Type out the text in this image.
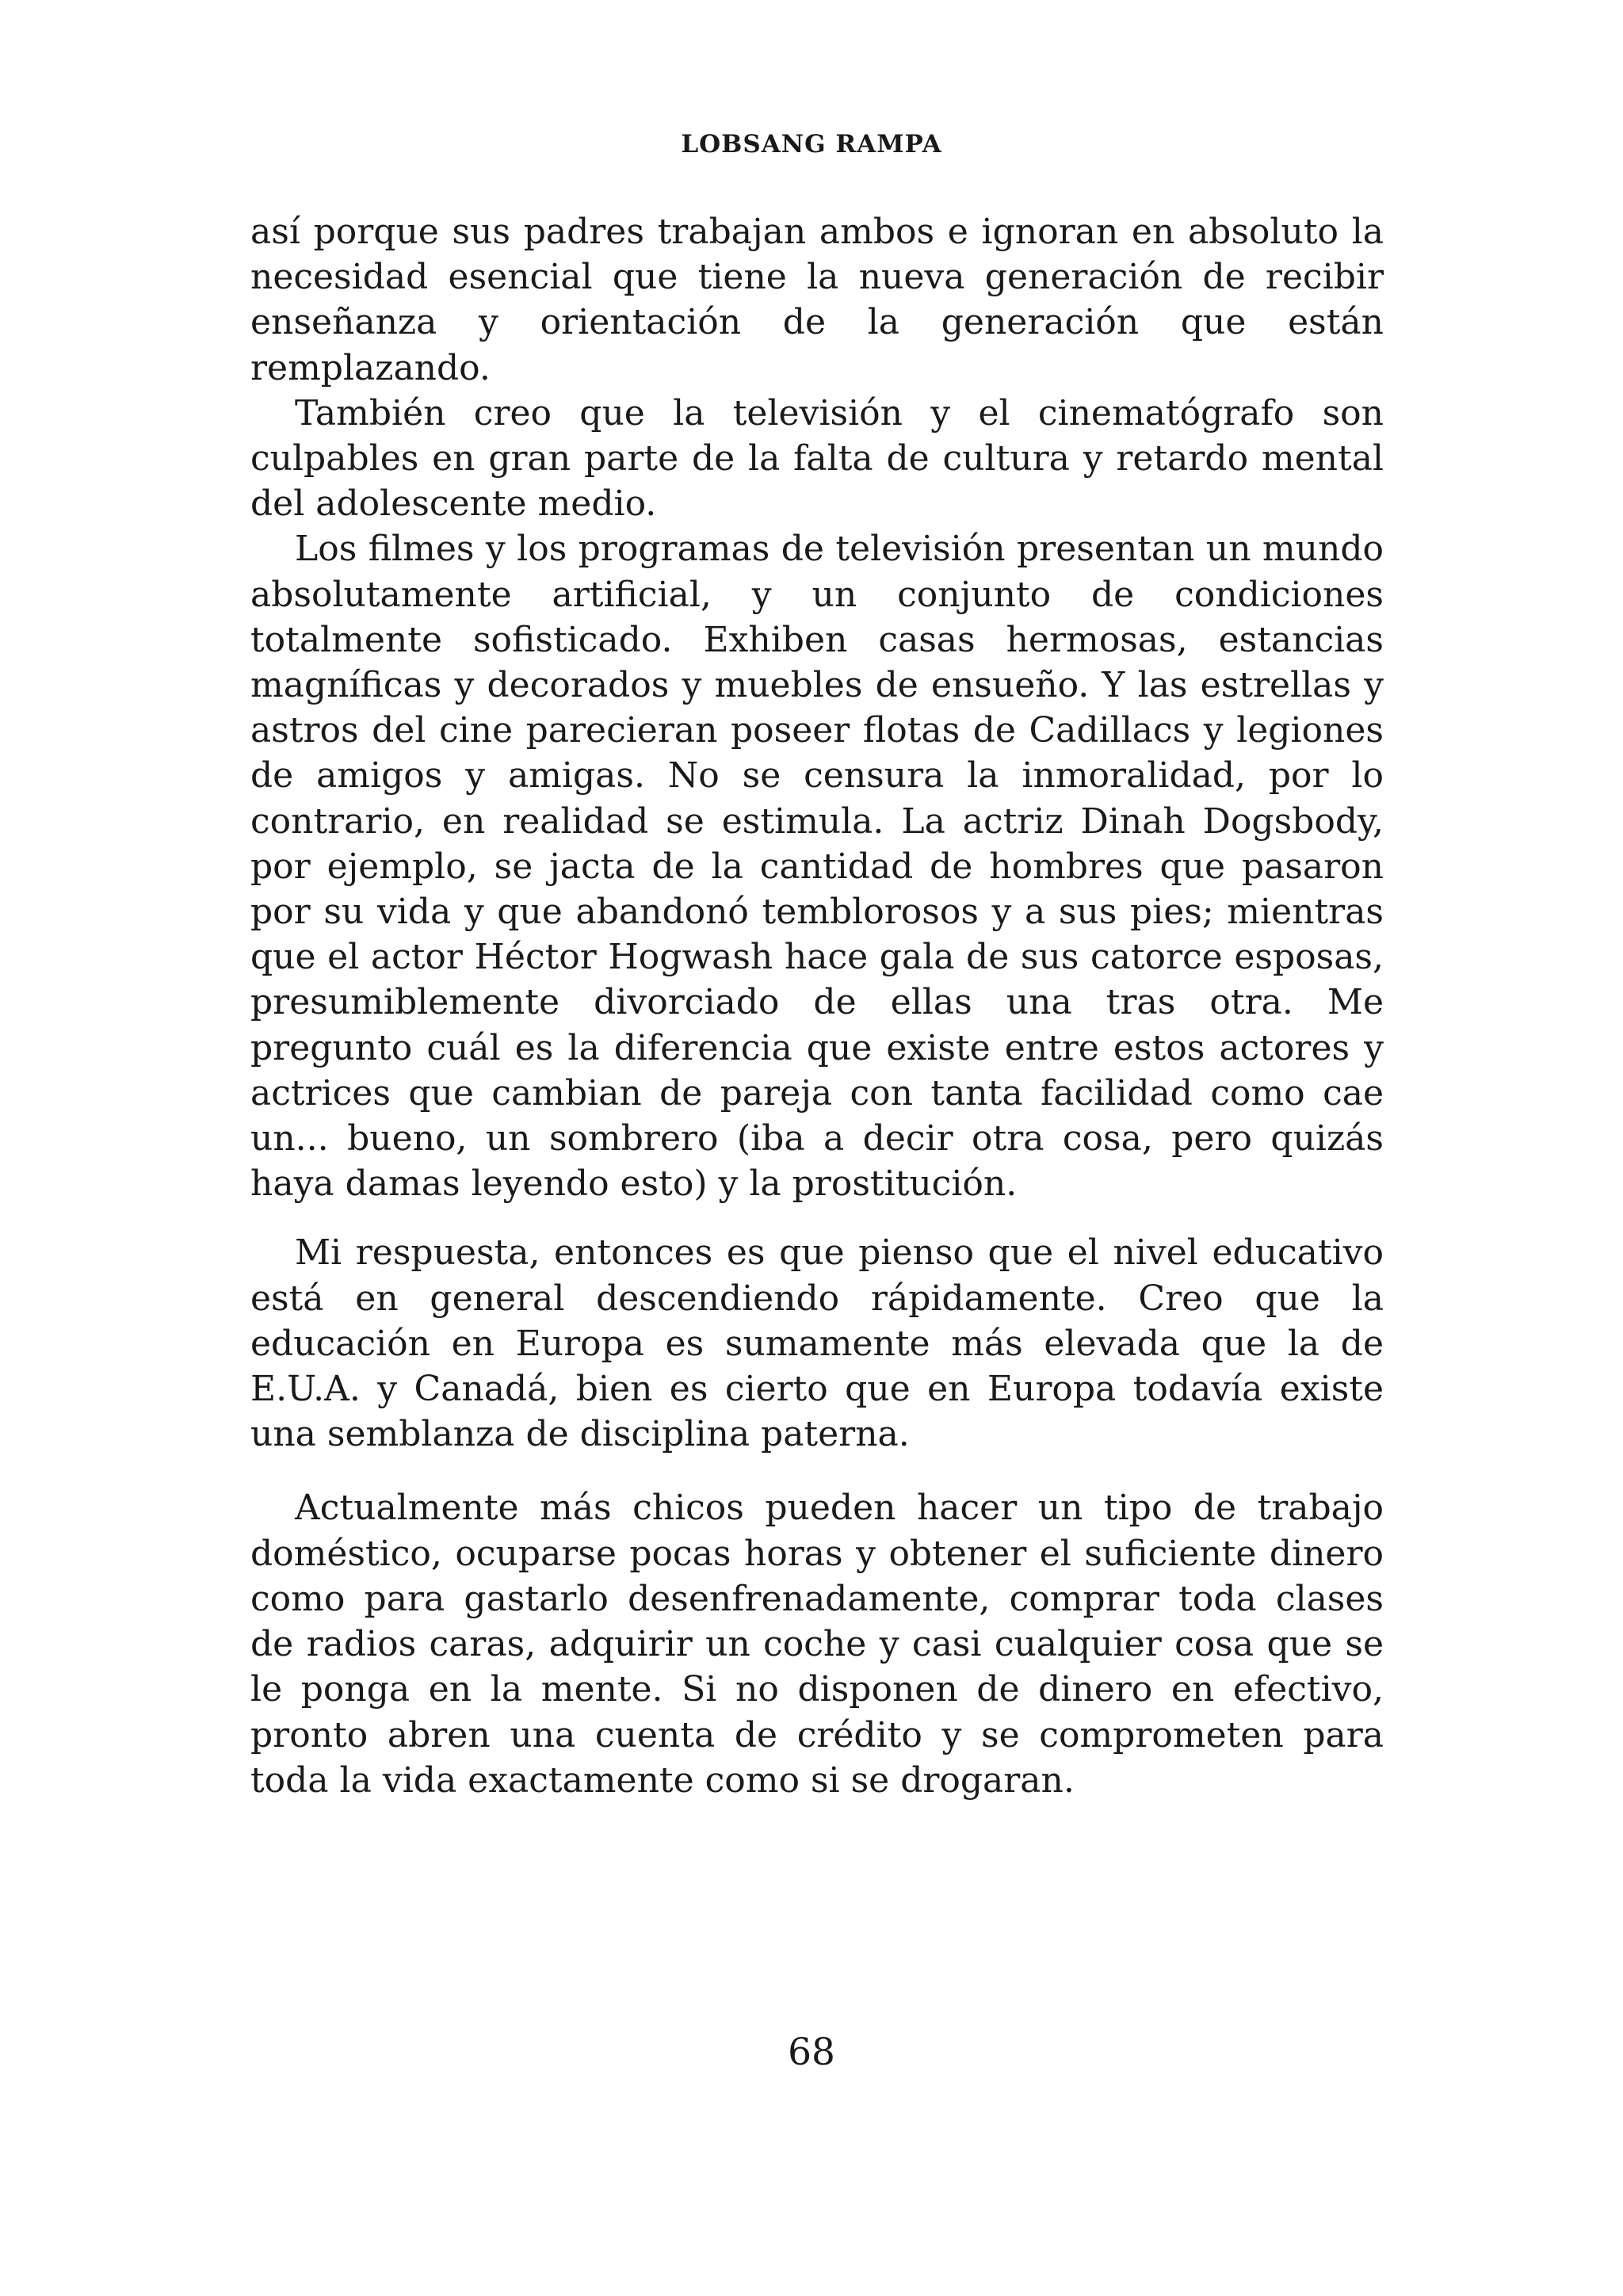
LOBSANG RAMPA

así porque sus padres trabajan ambos e ignoran en absoluto la necesidad esencial que tiene la nueva generación de recibir enseñanza y orientación de la generación que están remplazando.

También creo que la televisión y el cinematógrafo son culpables en gran parte de la falta de cultura y retardo mental del adolescente medio.

Los filmes y los programas de televisión presentan un mundo absolutamente artificial, y un conjunto de condiciones totalmente sofisticado. Exhiben casas hermosas, estancias magníficas y decorados y muebles de ensueño. Y las estrellas y astros del cine parecieran poseer flotas de Cadillacs y legiones de amigos y amigas. No se censura la inmoralidad, por lo contrario, en realidad se estimula. La actriz Dinah Dogsbody, por ejemplo, se jacta de la cantidad de hombres que pasaron por su vida y que abandonó temblorosos y a sus pies; mientras que el actor Héctor Hogwash hace gala de sus catorce esposas, presumiblemente divorciado de ellas una tras otra. Me pregunto cuál es la diferencia que existe entre estos actores y actrices que cambian de pareja con tanta facilidad como cae un... bueno, un sombrero (iba a decir otra cosa, pero quizás haya damas leyendo esto) y la prostitución.

Mi respuesta, entonces es que pienso que el nivel educativo está en general descendiendo rápidamente. Creo que la educación en Europa es sumamente más elevada que la de E.U.A. y Canadá, bien es cierto que en Europa todavía existe una semblanza de disciplina paterna.

Actualmente más chicos pueden hacer un tipo de trabajo doméstico, ocuparse pocas horas y obtener el suficiente dinero como para gastarlo desenfrenadamente, comprar toda clases de radios caras, adquirir un coche y casi cualquier cosa que se le ponga en la mente. Si no disponen de dinero en efectivo, pronto abren una cuenta de crédito y se comprometen para toda la vida exactamente como si se drogaran.

68
